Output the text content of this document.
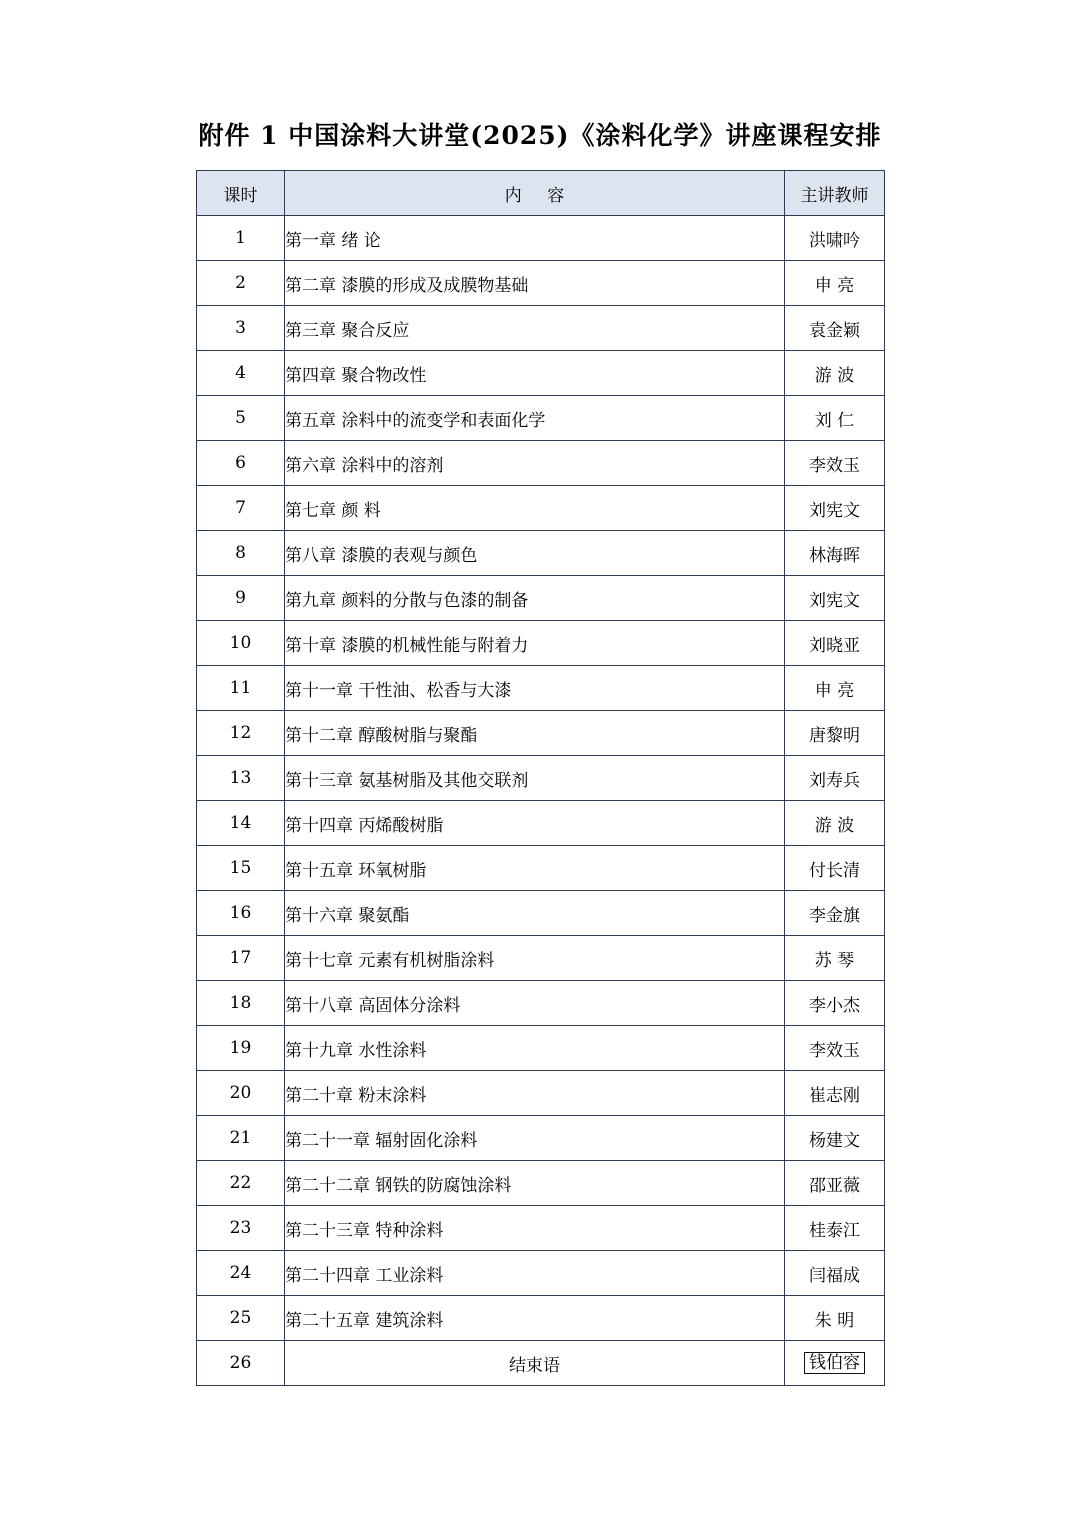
附件 1 中国涂料大讲堂(2025)《涂料化学》讲座课程安排
课时	内 容	主讲教师
1	第一章 绪 论	洪啸吟
2	第二章 漆膜的形成及成膜物基础	申 亮
3	第三章 聚合反应	袁金颖
4	第四章 聚合物改性	游 波
5	第五章 涂料中的流变学和表面化学	刘 仁
6	第六章 涂料中的溶剂	李效玉
7	第七章 颜 料	刘宪文
8	第八章 漆膜的表观与颜色	林海晖
9	第九章 颜料的分散与色漆的制备	刘宪文
10	第十章 漆膜的机械性能与附着力	刘晓亚
11	第十一章 干性油、松香与大漆	申 亮
12	第十二章 醇酸树脂与聚酯	唐黎明
13	第十三章 氨基树脂及其他交联剂	刘寿兵
14	第十四章 丙烯酸树脂	游 波
15	第十五章 环氧树脂	付长清
16	第十六章 聚氨酯	李金旗
17	第十七章 元素有机树脂涂料	苏 琴
18	第十八章 高固体分涂料	李小杰
19	第十九章 水性涂料	李效玉
20	第二十章 粉末涂料	崔志刚
21	第二十一章 辐射固化涂料	杨建文
22	第二十二章 钢铁的防腐蚀涂料	邵亚薇
23	第二十三章 特种涂料	桂泰江
24	第二十四章 工业涂料	闫福成
25	第二十五章 建筑涂料	朱 明
26	结束语	钱伯容
